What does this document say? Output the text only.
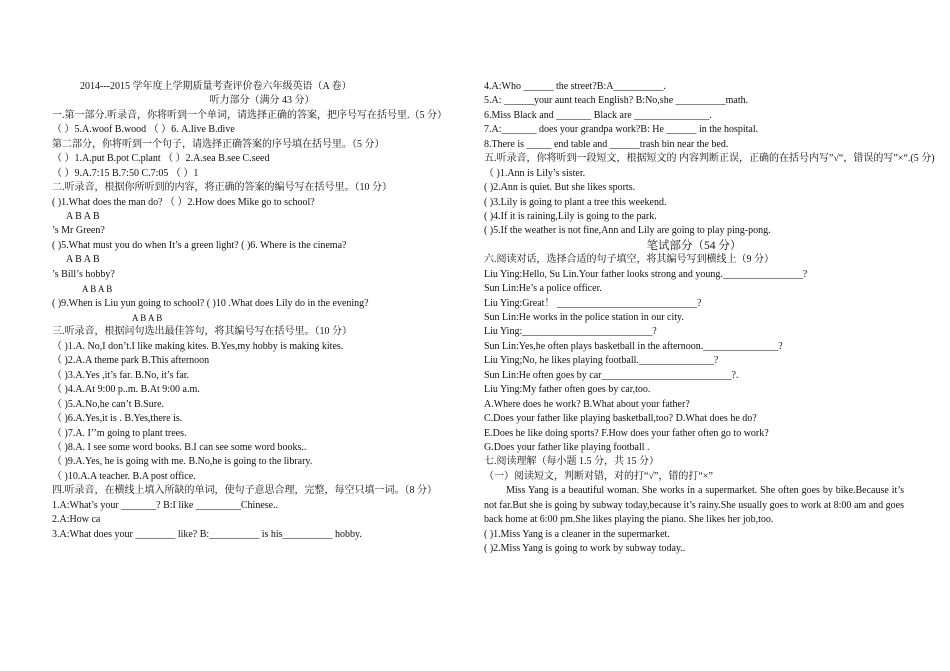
2014---2015 学年度上学期质量考查评价卷六年级英语（A 卷）
听力部分（满分 43 分）
一.第一部分.听录音，你将听到一个单词，请选择正确的答案，把序号写在括号里.（5 分）
（ ）5.A.woof B.wood （ ）6. A.live B.dive
第二部分，你将听到一个句子，请选择正确答案的序号填在括号里。（5 分）
（ ）1.A.put B.pot C.plant （ ）2.A.sea B.see C.seed
（ ）9.A.7:15 B.7:50 C.7:05 （ ）1
二.听录音，根据你所听到的内容，将正确的答案的编号写在括号里。（10 分）
( )1.What does the man do? （ ）2.How does Mike go to school?
A B A B
’s Mr Green?
( )5.What must you do when It’s a green light? ( )6. Where is the cinema?
A B A B
’s Bill’s hobby?
A B A B
( )9.When is Liu yun going to school? ( )10 .What does Lily do in the evening?
A B A B
三.听录音，根据问句选出最佳答句，将其编号写在括号里。（10 分）
（ )1.A. No,I don’t.I like making kites. B.Yes,my hobby is making kites.
（ )2.A.A theme park B.This afternoon
（ )3.A.Yes ,it’s far. B.No, it’s far.
（ )4.A.At 9:00 p..m. B.At 9:00 a.m.
（ )5.A.No,he can’t B.Sure.
（ )6.A.Yes,it is . B.Yes,there is.
（ )7.A. I’’m going to plant trees.
（ )8.A. I see some word books. B.I can see some word books..
（ )9.A.Yes, he is going with me. B.No,he is going to the library.
（ )10.A.A teacher. B.A post office.
四.听录音，在横线上填入所缺的单词，使句子意思合理，完整，每空只填一词。（8 分）
1.A:What’s your _______? B:I like _________Chinese..
2.A:How ca
3.A:What does your ________ like? B:__________ is his__________ hobby.
4.A:Who ______ the street?B:A__________.
5.A: ______your aunt teach English? B:No,she __________math.
6.Miss Black and _______ Black are _______________.
7.A:_______ does your grandpa work?B: He ______ in the hospital.
8.There is _____ end table and ______trash bin near the bed.
五.听录音，你将听到一段短文，根据短文的 内容判断正误，正确的在括号内写”√“，错误的写”×“.(5 分)
（ )1.Ann is Lily’s sister.
( )2.Ann is quiet. But she likes sports.
( )3.Lily is going to plant a tree this weekend.
( )4.If it is raining,Lily is going to the park.
( )5.If the weather is not fine,Ann and Lily are going to play ping-pong.
笔试部分（54 分）
六.阅读对话，选择合适的句子填空，将其编号写到横线上（9 分）
Liu Ying:Hello, Su Lin.Your father looks strong and young.________________?
Sun Lin:He’s a police officer.
Liu Ying:Great！ ____________________________?
Sun Lin:He works in the police station in our city.
Liu Ying:__________________________?
Sun Lin:Yes,he often plays basketball in the afternoon._______________?
Liu Ying;No, he likes playing football._______________?
Sun Lin:He often goes by car__________________________?.
Liu Ying:My father often goes by car,too.
A.Where does he work? B.What about your father?
C.Does your father like playing basketball,too? D.What does he do?
E.Does he like doing sports? F.How does your father often go to work?
G.Does your father like playing football .
七.阅读理解（每小题 1.5 分，共 15 分）
（一）阅读短文，判断对错，对的打“√”，错的打“×”
Miss Yang is a beautiful woman. She works in a supermarket. She often goes by bike.Because it’s not far.But she is going by subway today,because it’s rainy.She usually goes to work at 8:00 am and goes back home at 6:00 pm.She likes playing the piano. She likes her job,too.
( )1.Miss Yang is a cleaner in the supermarket.
( )2.Miss Yang is going to work by subway today..
